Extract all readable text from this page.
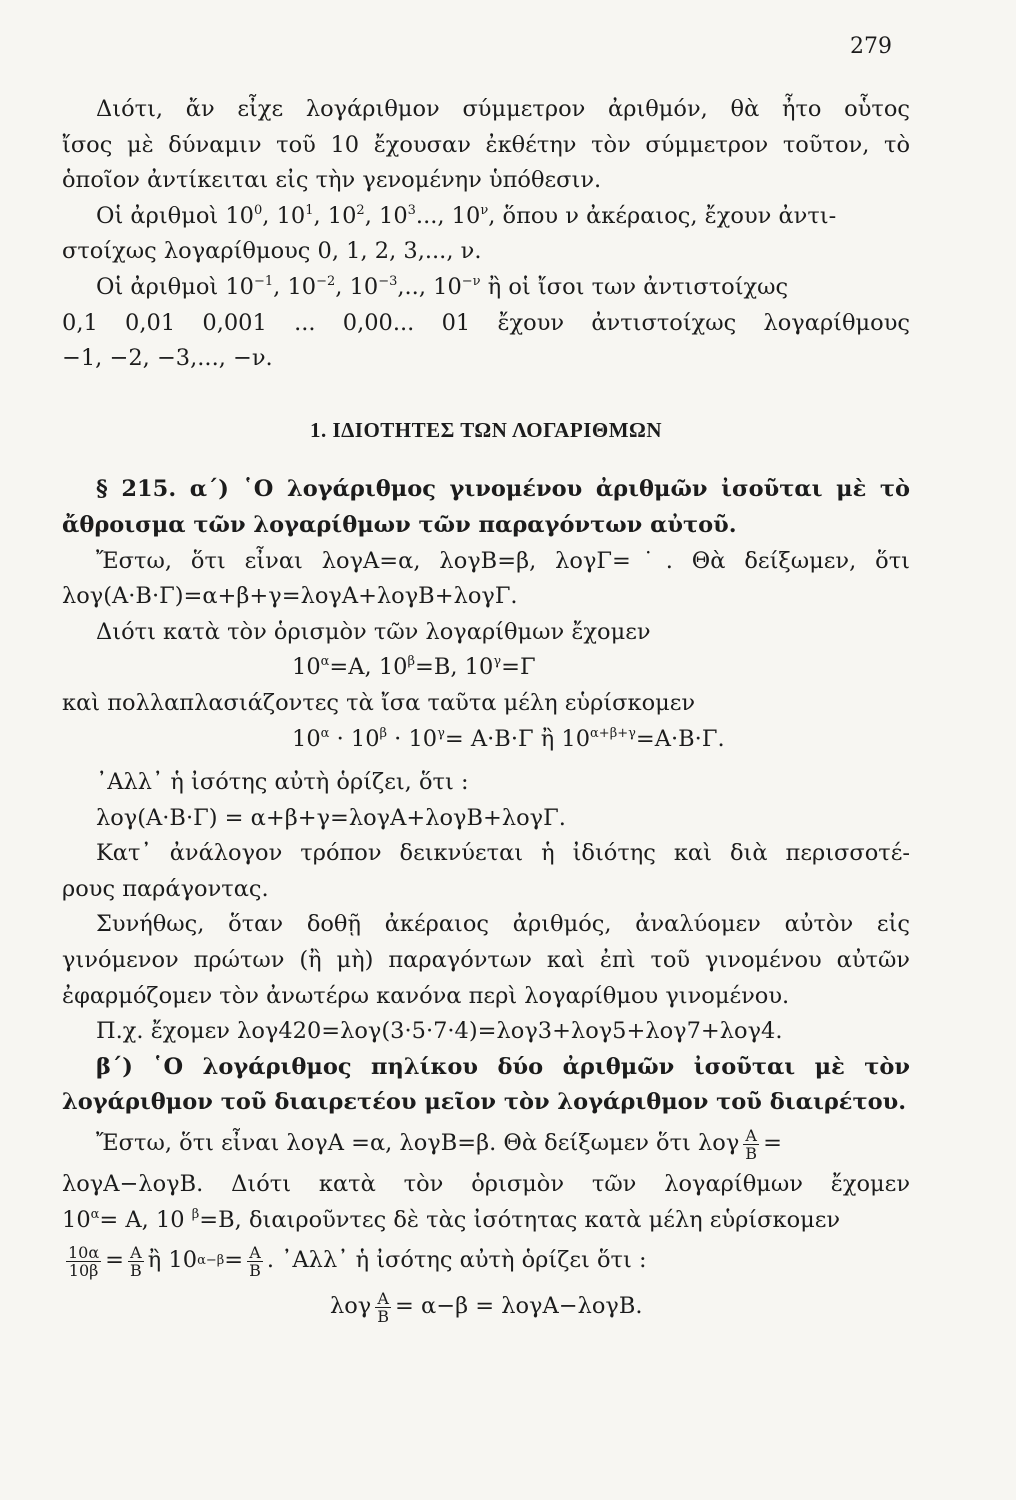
279
Διότι, ἄν εἶχε λογάριθμον σύμμετρον ἀριθμόν, θὰ ἦτο οὗτος
ἴσος μὲ δύναμιν τοῦ 10 ἔχουσαν ἐκθέτην τὸν σύμμετρον τοῦτον, τὸ
ὁποῖον ἀντίκειται εἰς τὴν γενομένην ὑπόθεσιν.
Οἱ ἀριθμοὶ $10^0$, $10^1$, $10^2$, $10^3$..., $10^\nu$, ὅπου ν ἀκέραιος, ἔχουν ἀντι-
στοίχως λογαρίθμους 0, 1, 2, 3,..., ν.
Οἱ ἀριθμοὶ $10^{-1}$, $10^{-2}$, $10^{-3}$,.., $10^{-\nu}$ ἢ οἱ ἴσοι των ἀντιστοίχως
0,1 0,01 0,001 ... 0,00... 01 ἔχουν ἀντιστοίχως λογαρίθμους
−1, −2, −3,..., −ν.
1. ΙΔΙΟΤΗΤΕΣ ΤΩΝ ΛΟΓΑΡΙΘΜΩΝ
§ 215. α΄) ῾Ο λογάριθμος γινομένου ἀριθμῶν ἰσοῦται μὲ τὸ
ἄθροισμα τῶν λογαρίθμων τῶν παραγόντων αὐτοῦ.
Ἔστω, ὅτι εἶναι λογΑ=α, λογΒ=β, λογΓ=˙. Θὰ δείξωμεν, ὅτι
λογ(Α·Β·Γ)=α+β+γ=λογΑ+λογΒ+λογΓ.
Διότι κατὰ τὸν ὁρισμὸν τῶν λογαρίθμων ἔχομεν
$10^\alpha=A$, $10^\beta=B$, $10^\gamma=\Gamma$
καὶ πολλαπλασιάζοντες τὰ ἴσα ταῦτα μέλη εὑρίσκομεν
$10^\alpha \cdot 10^\beta \cdot 10^\gamma= A\cdot B\cdot\Gamma$ ἢ $10^{\alpha+\beta+\gamma}=A\cdot B\cdot\Gamma$.
᾿Αλλ᾿ ἡ ἰσότης αὐτὴ ὁρίζει, ὅτι :
λογ(Α·Β·Γ) = α+β+γ=λογΑ+λογΒ+λογΓ.
Κατ᾿ ἀνάλογον τρόπον δεικνύεται ἡ ἰδιότης καὶ διὰ περισσοτέ-
ρους παράγοντας.
Συνήθως, ὅταν δοθῇ ἀκέραιος ἀριθμός, ἀναλύομεν αὐτὸν εἰς
γινόμενον πρώτων (ἢ μὴ) παραγόντων καὶ ἐπὶ τοῦ γινομένου αὐτῶν
ἐφαρμόζομεν τὸν ἀνωτέρω κανόνα περὶ λογαρίθμου γινομένου.
Π.χ. ἔχομεν λογ420=λογ(3·5·7·4)=λογ3+λογ5+λογ7+λογ4.
β΄) ῾Ο λογάριθμος πηλίκου δύο ἀριθμῶν ἰσοῦται μὲ τὸν
λογάριθμον τοῦ διαιρετέου μεῖον τὸν λογάριθμον τοῦ διαιρέτου.
Ἔστω, ὅτι εἶναι λογΑ =α, λογΒ=β. Θὰ δείξωμεν ὅτι λογ $\frac{A}{B}$ =
λογΑ−λογΒ. Διότι κατὰ τὸν ὁρισμὸν τῶν λογαρίθμων ἔχομεν
$10^\alpha= A$, 10 $^\beta$=Β, διαιροῦντες δὲ τὰς ἰσότητας κατὰ μέλη εὑρίσκομεν
$\frac{10\alpha}{10\beta} = \frac{A}{B}$ ἢ 10 $\alpha-\beta = \frac{A}{B}$ . ᾿Αλλ᾿ ἡ ἰσότης αὐτὴ ὁρίζει ὅτι :
λογ $\frac{A}{B} = \alpha-\beta = \lambda o\gamma A-\lambda o\gamma B$.
